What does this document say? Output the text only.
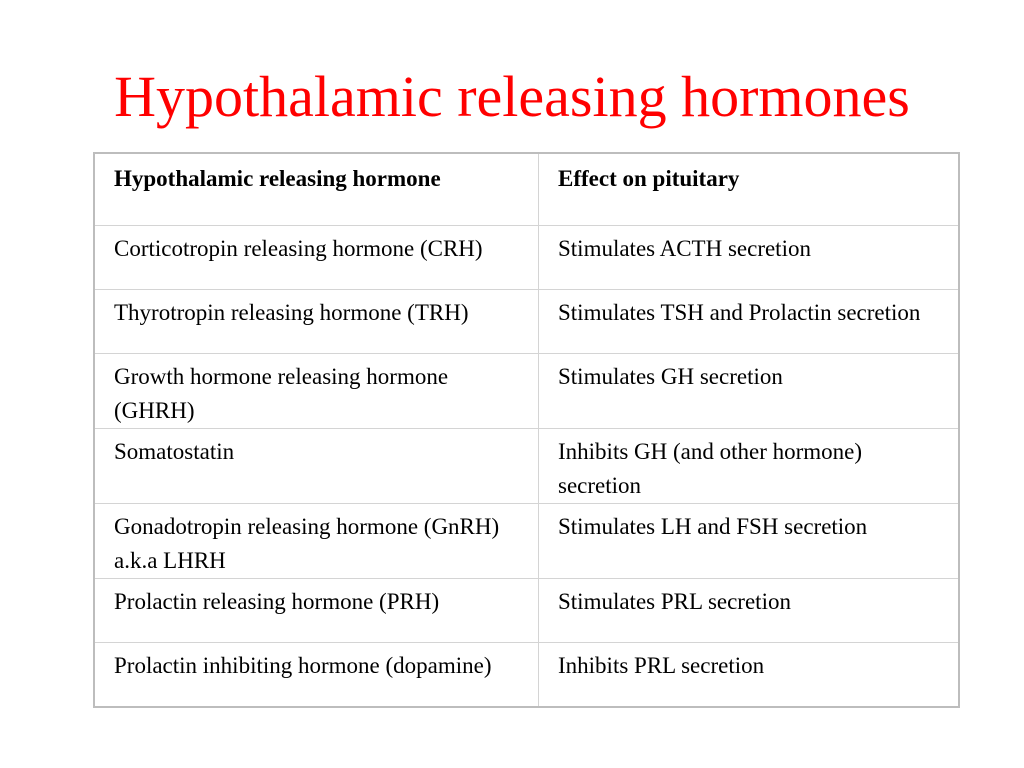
Hypothalamic releasing hormones
Hypothalamic releasing hormone	Effect on pituitary
Corticotropin releasing hormone (CRH)	Stimulates ACTH secretion
Thyrotropin releasing hormone (TRH)	Stimulates TSH and Prolactin secretion
Growth hormone releasing hormone (GHRH)	Stimulates GH secretion
Somatostatin	Inhibits GH (and other hormone) secretion
Gonadotropin releasing hormone (GnRH) a.k.a LHRH	Stimulates LH and FSH secretion
Prolactin releasing hormone (PRH)	Stimulates PRL secretion
Prolactin inhibiting hormone (dopamine)	Inhibits PRL secretion
